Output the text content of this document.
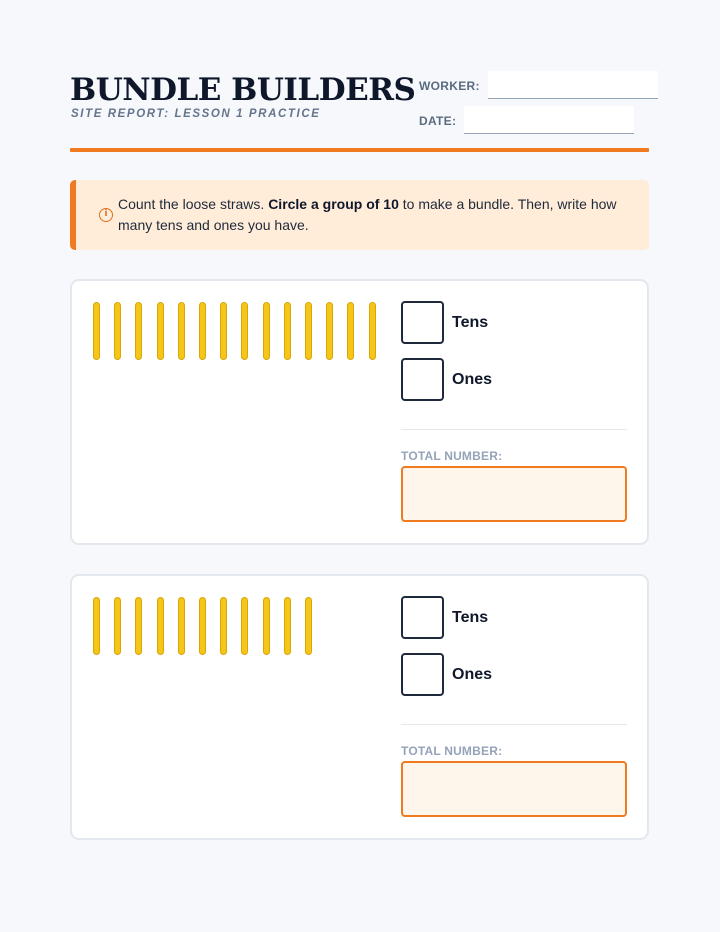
BUNDLE BUILDERS
SITE REPORT: LESSON 1 PRACTICE
WORKER:
DATE:
i
Count the loose straws. Circle a group of 10 to make a bundle. Then, write how many tens and ones you have.
Tens
Ones
TOTAL NUMBER:
Tens
Ones
TOTAL NUMBER:
